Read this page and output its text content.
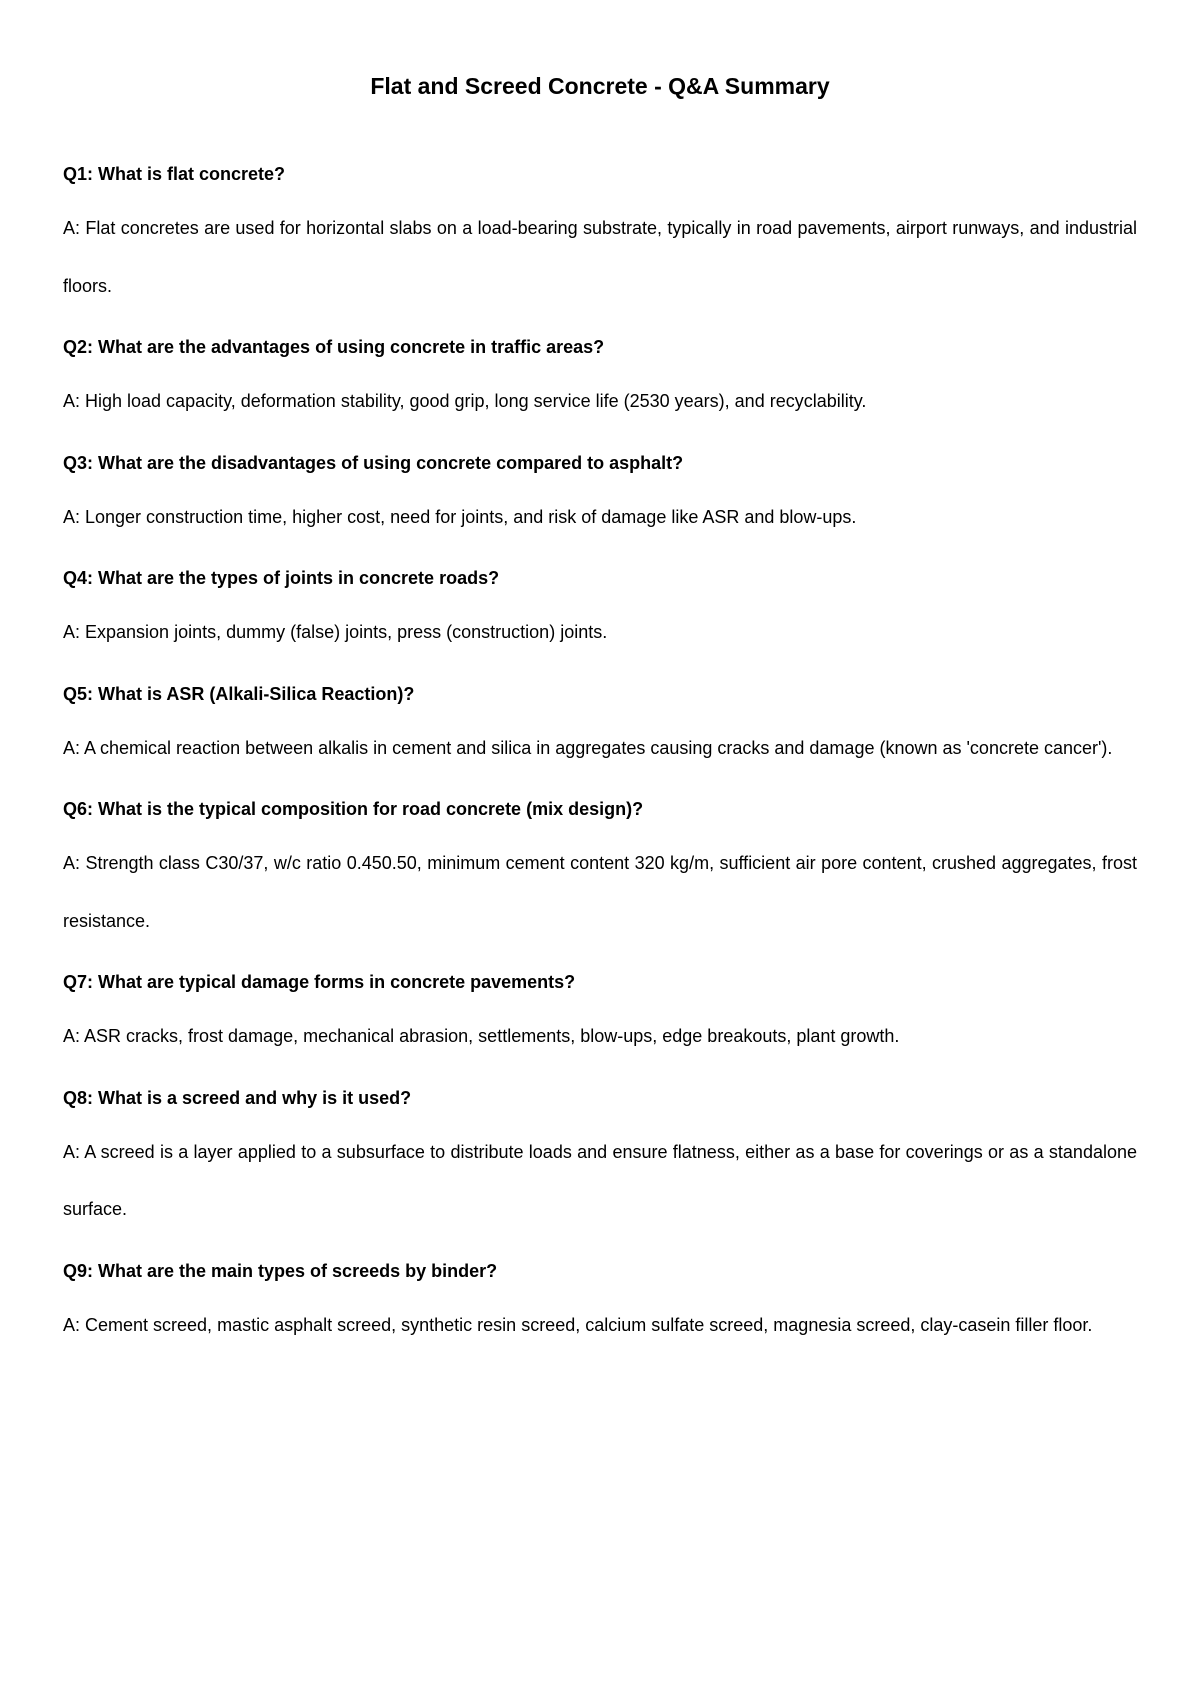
Flat and Screed Concrete - Q&A Summary

Q1: What is flat concrete?

A: Flat concretes are used for horizontal slabs on a load-bearing substrate, typically in road pavements, airport runways, and industrial floors.

Q2: What are the advantages of using concrete in traffic areas?

A: High load capacity, deformation stability, good grip, long service life (2530 years), and recyclability.

Q3: What are the disadvantages of using concrete compared to asphalt?

A: Longer construction time, higher cost, need for joints, and risk of damage like ASR and blow-ups.

Q4: What are the types of joints in concrete roads?

A: Expansion joints, dummy (false) joints, press (construction) joints.

Q5: What is ASR (Alkali-Silica Reaction)?

A: A chemical reaction between alkalis in cement and silica in aggregates causing cracks and damage (known as 'concrete cancer').

Q6: What is the typical composition for road concrete (mix design)?

A: Strength class C30/37, w/c ratio 0.450.50, minimum cement content 320 kg/m, sufficient air pore content, crushed aggregates, frost resistance.

Q7: What are typical damage forms in concrete pavements?

A: ASR cracks, frost damage, mechanical abrasion, settlements, blow-ups, edge breakouts, plant growth.

Q8: What is a screed and why is it used?

A: A screed is a layer applied to a subsurface to distribute loads and ensure flatness, either as a base for coverings or as a standalone surface.

Q9: What are the main types of screeds by binder?

A: Cement screed, mastic asphalt screed, synthetic resin screed, calcium sulfate screed, magnesia screed, clay-casein filler floor.
